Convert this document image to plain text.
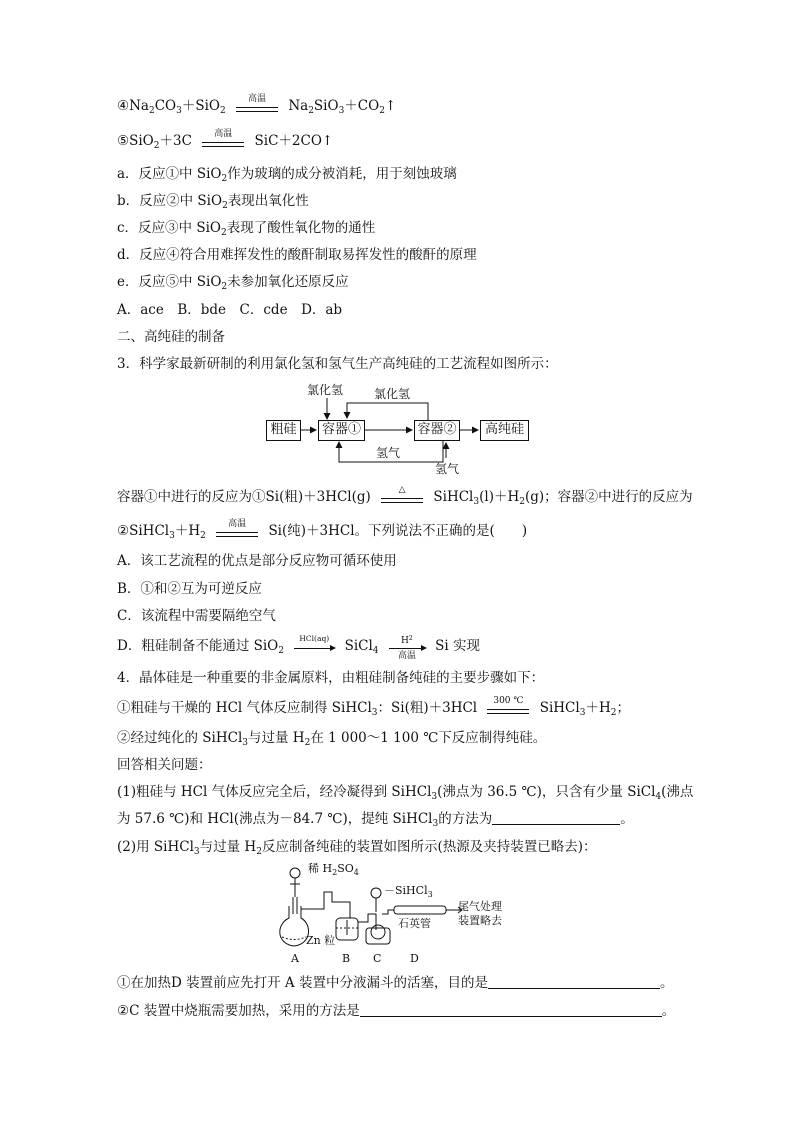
$④Na_2CO_3+SiO_2$
高温	$Na_2SiO_3+CO_2↑$
⑤SiO$_2$＋3C	高温	SiC＋2CO↑
a．反应①中 SiO$_2$作为玻璃的成分被消耗，用于刻蚀玻璃
b．反应②中 SiO$_2$表现出氧化性
c．反应③中 SiO$_2$表现了酸性氧化物的通性
d．反应④符合用难挥发性的酸酐制取易挥发性的酸酐的原理
e．反应⑤中 SiO$_2$未参加氧化还原反应
A．ace　B．bde　C．cde　D．ab
二、高纯硅的制备
3．科学家最新研制的利用氯化氢和氢气生产高纯硅的工艺流程如图所示：
粗硅	容器①	容器②	高纯硅
氯化氢	氯化氢
氢气
氢气
容器①中进行的反应为①Si(粗)＋3HCl(g)	△	$SiHCl_3(l)+H_2(g)$；容器②中进行的反应为
$②SiHCl_3+H_2$
高温	Si(纯)＋3HCl。下列说法不正确的是(　　)
A．该工艺流程的优点是部分反应物可循环使用
B．①和②互为可逆反应
C．该流程中需要隔绝空气
D．粗硅制备不能通过 SiO$_2$
HCl(aq)	SiCl$_4$
$H^2$
高温
Si 实现
4．晶体硅是一种重要的非金属原料，由粗硅制备纯硅的主要步骤如下：
①粗硅与干燥的 HCl 气体反应制得 SiHCl$_3$：Si(粗)＋3HCl	300 ℃	$SiHCl_3+H_2$；
②经过纯化的 SiHCl$_3$与过量 $H_2$在 1 000～1 100 ℃下反应制得纯硅。
回答相关问题：
(1)粗硅与 HCl 气体反应完全后，经冷凝得到 SiHCl$_3$(沸点为 36.5 ℃)，只含有少量 SiCl$_4$(沸点
为 57.6 ℃)和 HCl(沸点为－84.7 ℃)，提纯 SiHCl$_3$的方法为	。
(2)用 SiHCl$_3$与过量 $H_2$反应制备纯硅的装置如图所示(热源及夹持装置已略去)：
稀 $H_2SO_4$
Zn 粒
－SiHCl$_3$
石英管
尾气处理
装置略去
A	B C	D
①在加热D 装置前应先打开 A 装置中分液漏斗的活塞，目的是	。
②C 装置中烧瓶需要加热，采用的方法是	。
